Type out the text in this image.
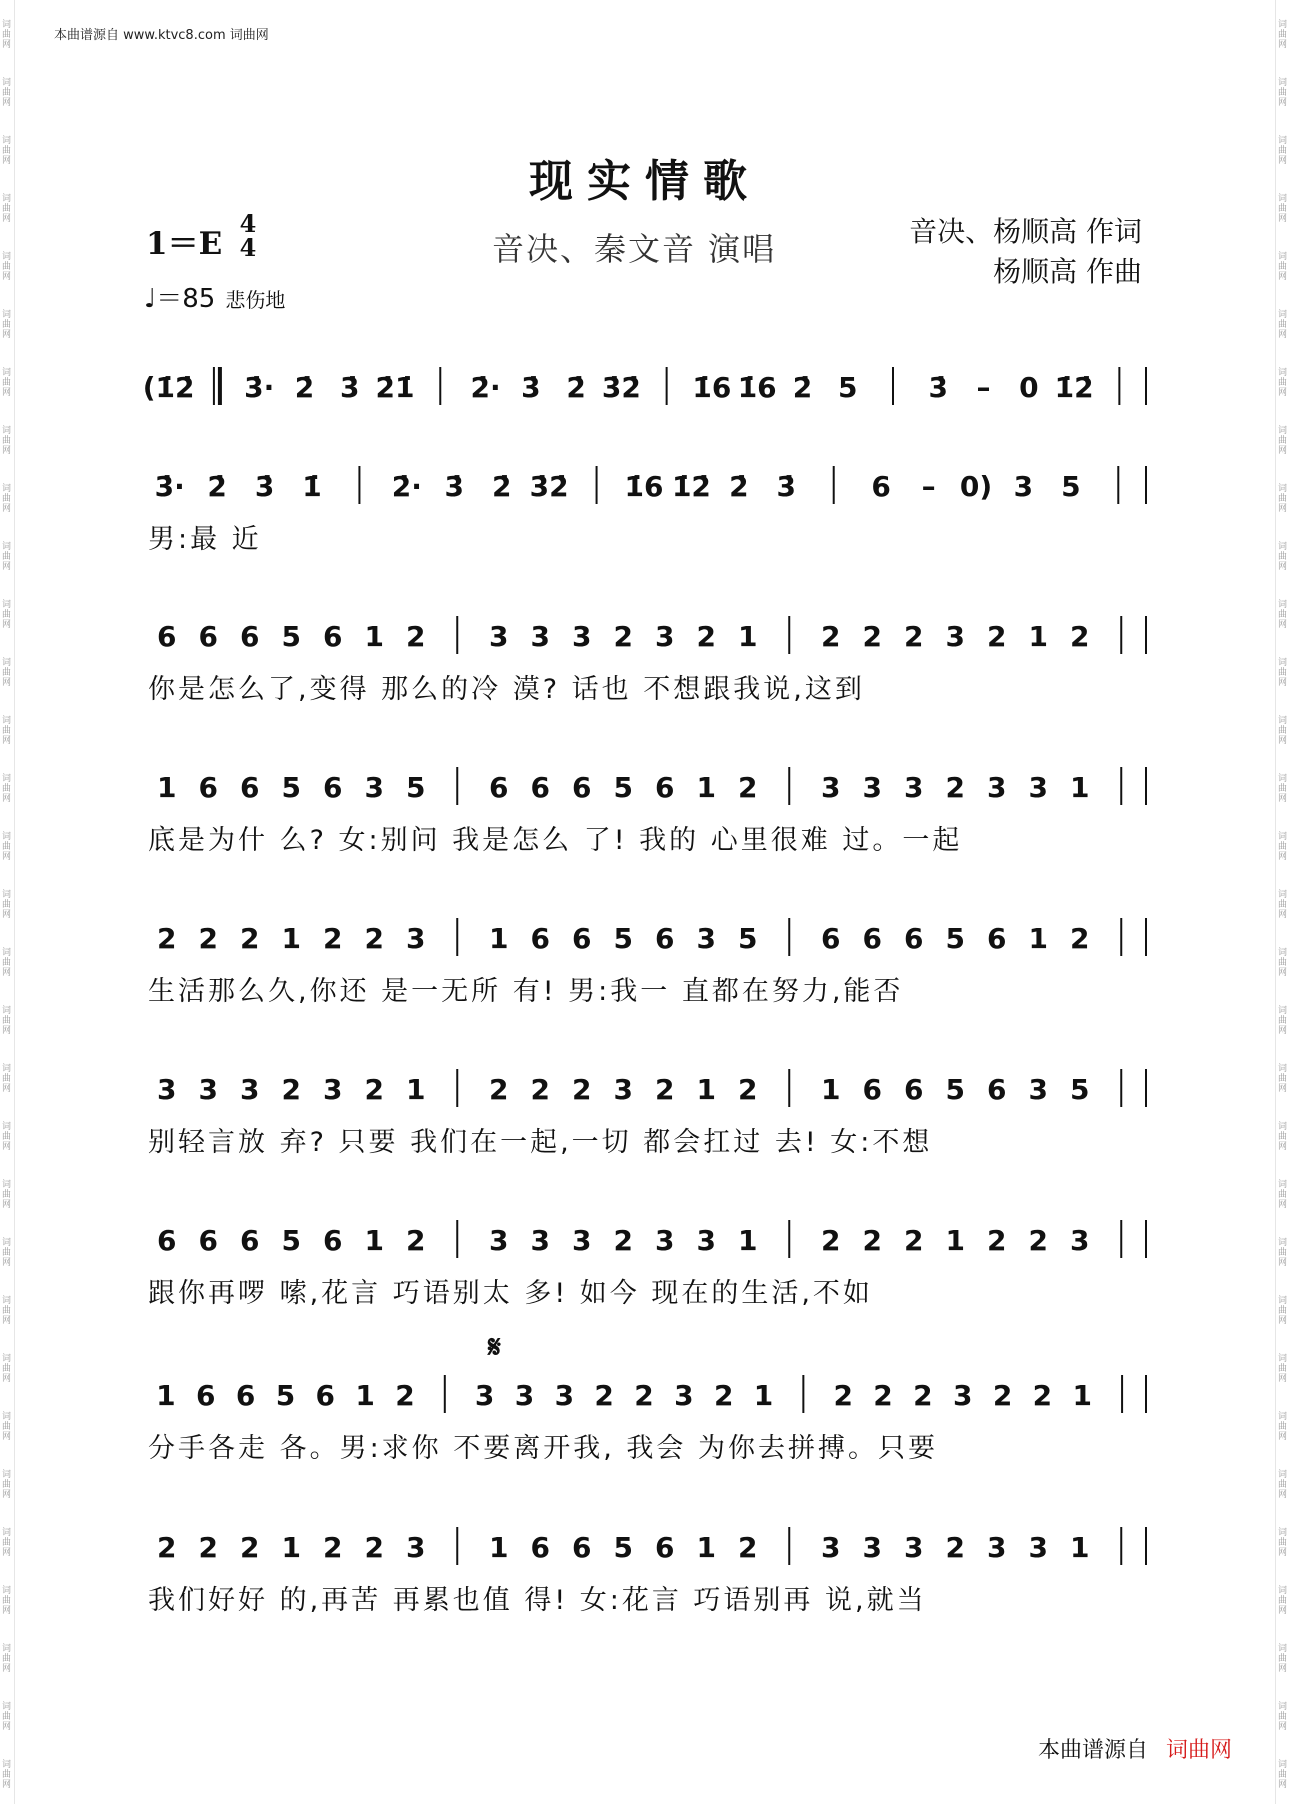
词
曲
网
词
曲
网
词
曲
网
词
曲
网
词
曲
网
词
曲
网
词
曲
网
词
曲
网
词
曲
网
词
曲
网
词
曲
网
词
曲
网
词
曲
网
词
曲
网
词
曲
网
词
曲
网
词
曲
网
词
曲
网
词
曲
网
词
曲
网
词
曲
网
词
曲
网
词
曲
网
词
曲
网
词
曲
网
词
曲
网
词
曲
网
词
曲
网
词
曲
网
词
曲
网
词
曲
网
词
曲
网
词
曲
网
词
曲
网
词
曲
网
词
曲
网
词
曲
网
词
曲
网
词
曲
网
词
曲
网
词
曲
网
词
曲
网
词
曲
网
词
曲
网
词
曲
网
词
曲
网
词
曲
网
词
曲
网
词
曲
网
词
曲
网
词
曲
网
词
曲
网
词
曲
网
词
曲
网
词
曲
网
词
曲
网
词
曲
网
词
曲
网
词
曲
网
词
曲
网
词
曲
网
词
曲
网
本曲谱源自 www.ktvc8.com 词曲网
现实情歌
1＝E
4
4
♩＝85 悲伤地
音决、秦文音 演唱	音决、杨顺高 作词
杨顺高 作曲
(1̇2̇ 3̇· 2̇ 3̇ 2̇1̇ 2̇· 3̇ 2̇ 3̇2̇ 1̇6 1̇6 2̇ 5	3̇ – 0 1̇2̇
3̇· 2̇ 3̇ 1̇	2̇· 3̇ 2̇ 3̇2̇ 1̇6 1̇2̇ 2̇ 3̇	6 – 0) 3 5
男:最 近
6 6 6 5 6 1 2 3 3 3 2 3 2 1 2 2 2 3 2 1 2
你是怎么了,变得 那么的冷 漠? 话也 不想跟我说,这到
1 6 6 5 6 3 5 6 6 6 5 6 1 2 3 3 3 2 3 3 1
底是为什 么? 女:别问 我是怎么 了! 我的 心里很难 过。一起
2 2 2 1 2 2 3 1 6 6 5 6 3 5 6 6 6 5 6 1 2
生活那么久,你还 是一无所 有! 男:我一 直都在努力,能否
3 3 3 2 3 2 1 2 2 2 3 2 1 2 1 6 6 5 6 3 5
别轻言放 弃? 只要 我们在一起,一切 都会扛过 去! 女:不想
6 6 6 5 6 1 2 3 3 3 2 3 3 1 2 2 2 1 2 2 3
跟你再啰 嗦,花言 巧语别太 多! 如今 现在的生活,不如
1 6 6 5 6 1 2 3 3 3 2 2 3 2 1 2 2 2 3 2 2 1
分手各走 各。男:求你 不要离开我, 我会 为你去拼搏。只要
2 2 2 1 2 2 3 1 6 6 5 6 1 2 3 3 3 2 3 3 1
我们好好 的,再苦 再累也值 得! 女:花言 巧语别再 说,就当
𝄋
本曲谱源自 词曲网
